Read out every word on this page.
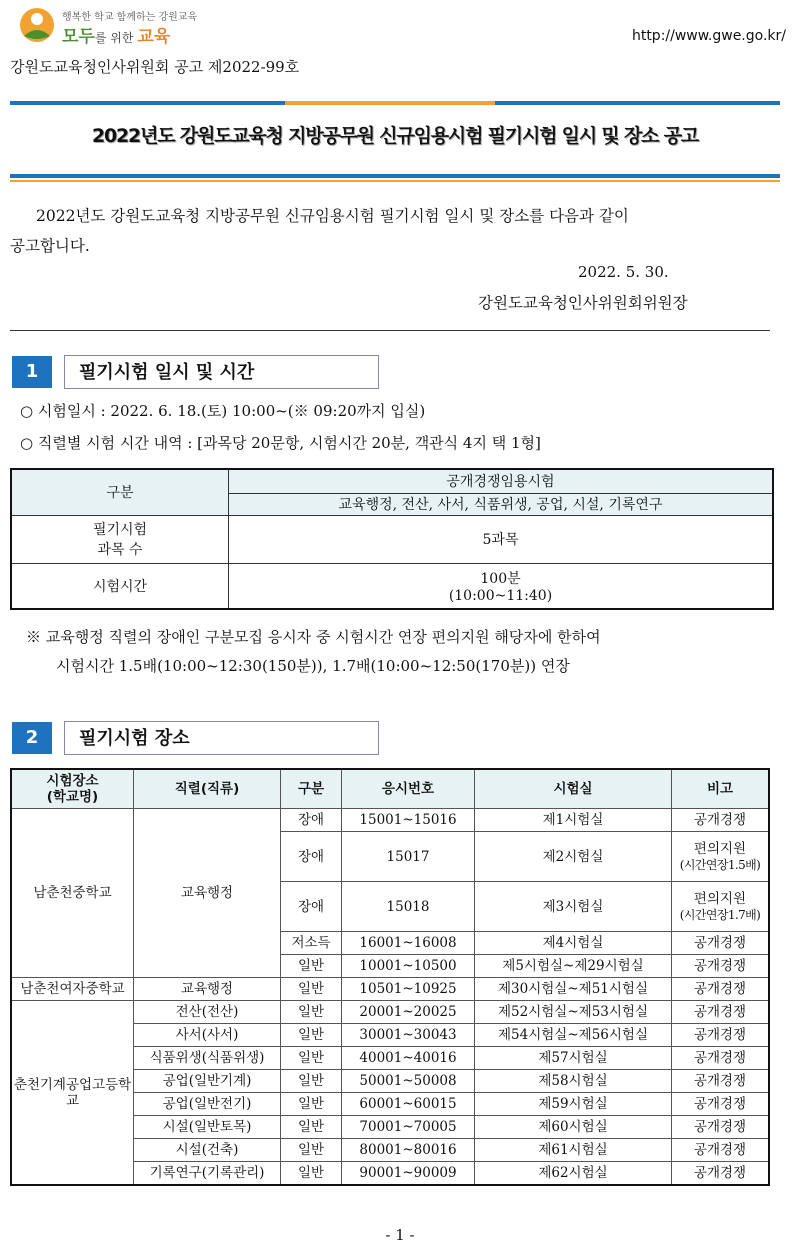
행복한 학교 함께하는 강원교육
모두를 위한 교육	http://www.gwe.go.kr/
강원도교육청인사위원회 공고 제2022-99호
2022년도 강원도교육청 지방공무원 신규임용시험 필기시험 일시 및 장소 공고
2022년도 강원도교육청 지방공무원 신규임용시험 필기시험 일시 및 장소를 다음과 같이
공고합니다.
2022. 5. 30.
강원도교육청인사위원회위원장
1	필기시험 일시 및 시간
○ 시험일시 : 2022. 6. 18.(토) 10:00~(※ 09:20까지 입실)
○ 직렬별 시험 시간 내역 : [과목당 20문항, 시험시간 20분, 객관식 4지 택 1형]
구분	공개경쟁임용시험
	교육행정, 전산, 사서, 식품위생, 공업, 시설, 기록연구
필기시험
과목 수	5과목
시험시간	100분
(10:00~11:40)
※ 교육행정 직렬의 장애인 구분모집 응시자 중 시험시간 연장 편의지원 해당자에 한하여
시험시간 1.5배(10:00~12:30(150분)), 1.7배(10:00~12:50(170분)) 연장
2	필기시험 장소
시험장소
(학교명)	직렬(직류)	구분	응시번호	시험실	비고
남춘천중학교	교육행정	장애	15001~15016	제1시험실	공개경쟁
		장애	15017	제2시험실	편의지원
(시간연장1.5배)
		장애	15018	제3시험실	편의지원
(시간연장1.7배)
		저소득	16001~16008	제4시험실	공개경쟁
		일반	10001~10500	제5시험실~제29시험실	공개경쟁
남춘천여자중학교	교육행정	일반	10501~10925	제30시험실~제51시험실	공개경쟁
춘천기계공업고등학교	전산(전산)	일반	20001~20025	제52시험실~제53시험실	공개경쟁
	사서(사서)	일반	30001~30043	제54시험실~제56시험실	공개경쟁
	식품위생(식품위생)	일반	40001~40016	제57시험실	공개경쟁
	공업(일반기계)	일반	50001~50008	제58시험실	공개경쟁
	공업(일반전기)	일반	60001~60015	제59시험실	공개경쟁
	시설(일반토목)	일반	70001~70005	제60시험실	공개경쟁
	시설(건축)	일반	80001~80016	제61시험실	공개경쟁
	기록연구(기록관리)	일반	90001~90009	제62시험실	공개경쟁
- 1 -
